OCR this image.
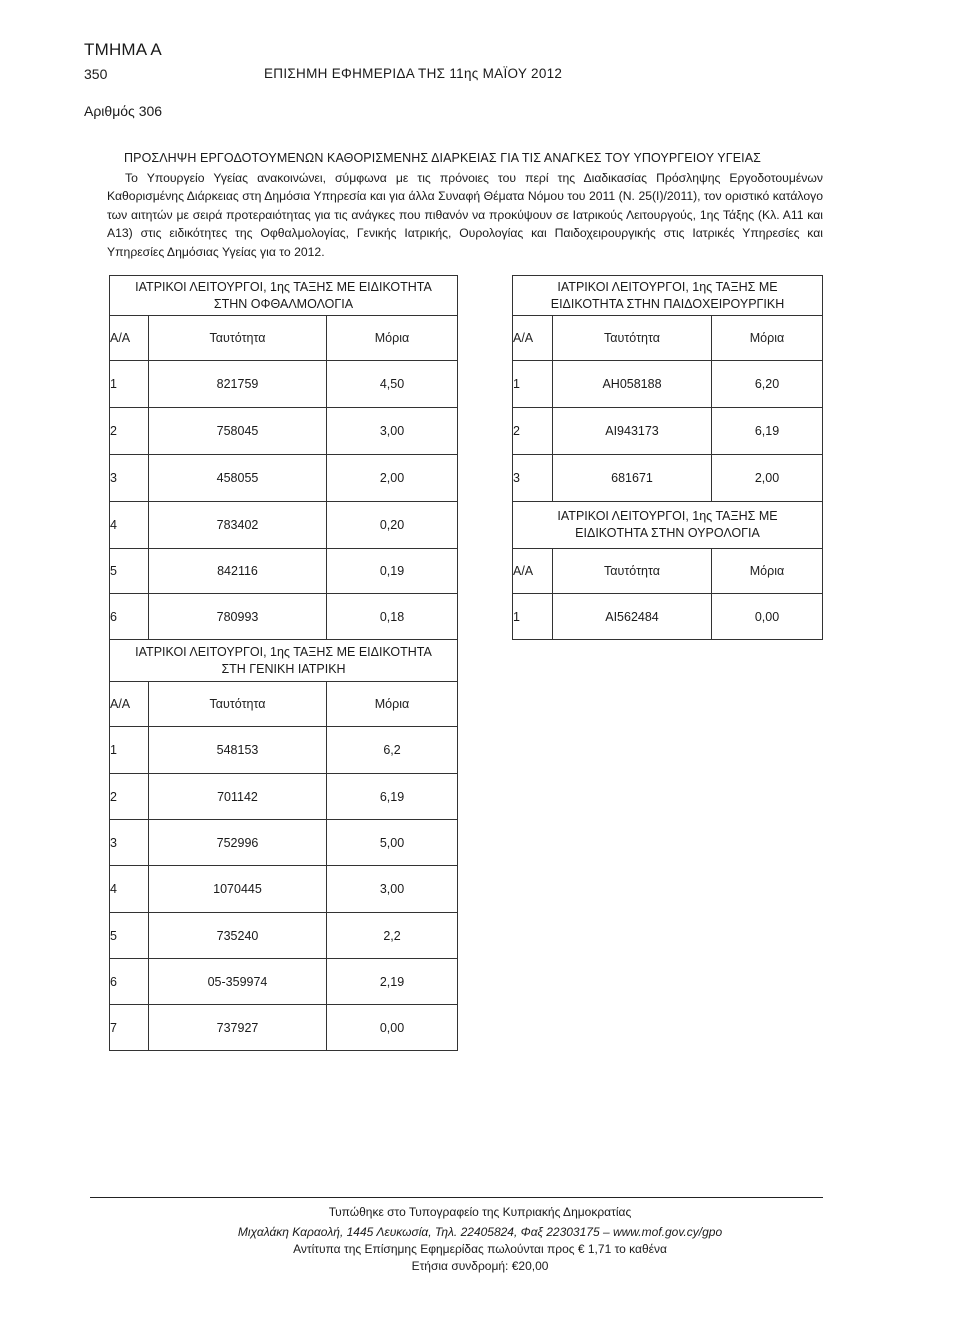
ΤΜΗΜΑ Α
350	ΕΠΙΣΗΜΗ ΕΦΗΜΕΡΙΔΑ ΤΗΣ 11ης ΜΑΪΟΥ 2012
Αριθμός 306
ΠΡΟΣΛΗΨΗ ΕΡΓΟΔΟΤΟΥΜΕΝΩΝ ΚΑΘΟΡΙΣΜΕΝΗΣ ΔΙΑΡΚΕΙΑΣ ΓΙΑ ΤΙΣ ΑΝΑΓΚΕΣ ΤΟΥ ΥΠΟΥΡΓΕΙΟΥ ΥΓΕΙΑΣ
Το Υπουργείο Υγείας ανακοινώνει, σύμφωνα με τις πρόνοιες του περί της Διαδικασίας Πρόσληψης Εργοδοτουμένων Καθορισμένης Διάρκειας στη Δημόσια Υπηρεσία και για άλλα Συναφή Θέματα Νόμου του 2011 (Ν. 25(Ι)/2011), τον οριστικό κατάλογο των αιτητών με σειρά προτεραιότητας για τις ανάγκες που πιθανόν να προκύψουν σε Ιατρικούς Λειτουργούς, 1ης Τάξης (Κλ. Α11 και Α13) στις ειδικότητες της Οφθαλμολογίας, Γενικής Ιατρικής, Ουρολογίας και Παιδοχειρουργικής στις Ιατρικές Υπηρεσίες και Υπηρεσίες Δημόσιας Υγείας για το 2012.
ΙΑΤΡΙΚΟΙ ΛΕΙΤΟΥΡΓΟΙ, 1ης ΤΑΞΗΣ ΜΕ ΕΙΔΙΚΟΤΗΤΑ
ΣΤΗΝ ΟΦΘΑΛΜΟΛΟΓΙΑ		

Α/Α	Ταυτότητα	Μόρια
1	821759	4,50
2	758045	3,00
3	458055	2,00
4	783402	0,20
5	842116	0,19
6	780993	0,18

ΙΑΤΡΙΚΟΙ ΛΕΙΤΟΥΡΓΟΙ, 1ης ΤΑΞΗΣ ΜΕ ΕΙΔΙΚΟΤΗΤΑ
ΣΤΗ ΓΕΝΙΚΗ ΙΑΤΡΙΚΗ		

Α/Α	Ταυτότητα	Μόρια
1	548153	6,2
2	701142	6,19
3	752996	5,00
4	1070445	3,00
5	735240	2,2
6	05-359974	2,19
7	737927	0,00
ΙΑΤΡΙΚΟΙ ΛΕΙΤΟΥΡΓΟΙ, 1ης ΤΑΞΗΣ ΜΕ
ΕΙΔΙΚΟΤΗΤΑ ΣΤΗΝ ΠΑΙΔΟΧΕΙΡΟΥΡΓΙΚΗ		

Α/Α	Ταυτότητα	Μόρια
1	ΑΗ058188	6,20
2	ΑΙ943173	6,19
3	681671	2,00

ΙΑΤΡΙΚΟΙ ΛΕΙΤΟΥΡΓΟΙ, 1ης ΤΑΞΗΣ ΜΕ
ΕΙΔΙΚΟΤΗΤΑ ΣΤΗΝ ΟΥΡΟΛΟΓΙΑ		

Α/Α	Ταυτότητα	Μόρια
1	ΑΙ562484	0,00
Τυπώθηκε στο Τυπογραφείο της Κυπριακής Δημοκρατίας
Μιχαλάκη Καραολή, 1445 Λευκωσία, Τηλ. 22405824, Φαξ 22303175 – www.mof.gov.cy/gpo
Αντίτυπα της Επίσημης Εφημερίδας πωλούνται προς € 1,71 το καθένα
Ετήσια συνδρομή: €20,00
